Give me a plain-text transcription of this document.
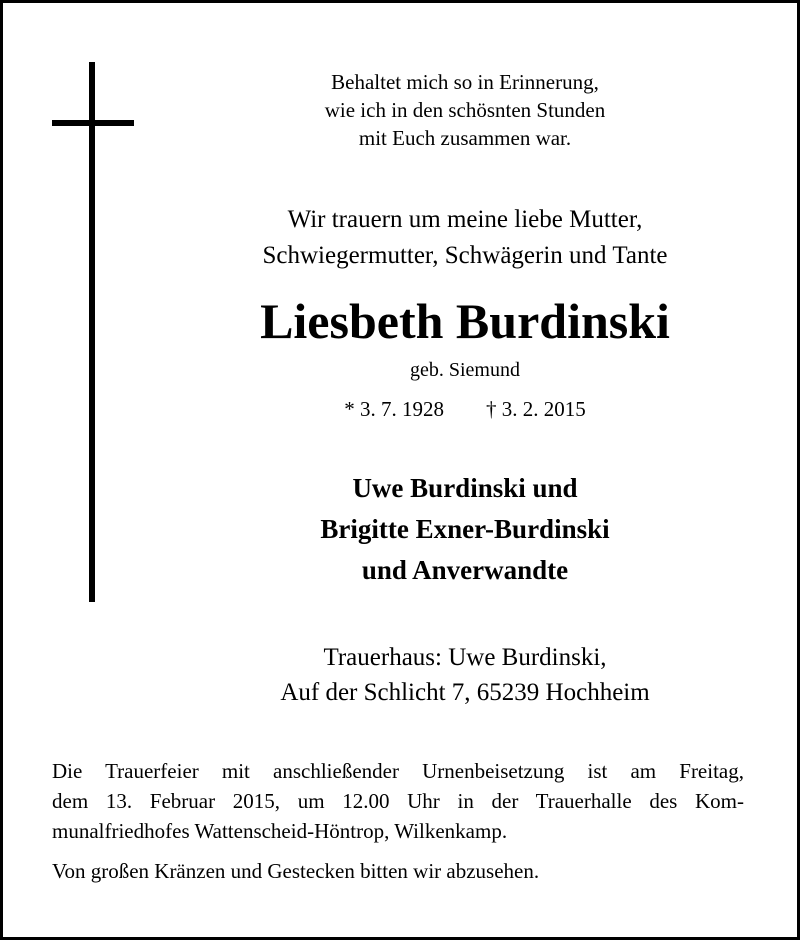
Behaltet mich so in Erinnerung,
wie ich in den schösnten Stunden
mit Euch zusammen war.
Wir trauern um meine liebe Mutter,
Schwiegermutter, Schwägerin und Tante
Liesbeth Burdinski
geb. Siemund
* 3. 7. 1928 † 3. 2. 2015
Uwe Burdinski und
Brigitte Exner-Burdinski
und Anverwandte
Trauerhaus: Uwe Burdinski,
Auf der Schlicht 7, 65239 Hochheim
Die Trauerfeier mit anschließender Urnenbeisetzung ist am Freitag,
dem 13. Februar 2015, um 12.00 Uhr in der Trauerhalle des Kom-
munalfriedhofes Wattenscheid-Höntrop, Wilkenkamp.
Von großen Kränzen und Gestecken bitten wir abzusehen.
